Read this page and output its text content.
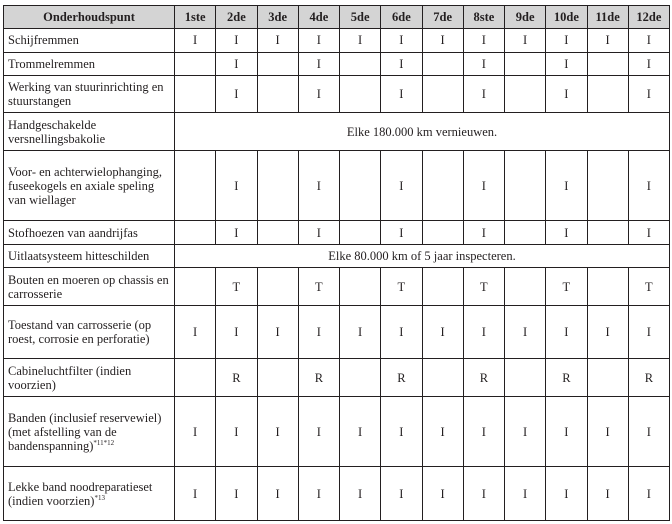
Onderhoudspunt	1ste	2de	3de	4de	5de	6de	7de	8ste	9de	10de	11de	12de
Schijfremmen	I	I	I	I	I	I	I	I	I	I	I	I
Trommelremmen		I		I		I		I		I		I
Werking van stuurinrichting en stuurstangen		I		I		I		I		I		I
Handgeschakelde versnellingsbakolie	Elke 180.000 km vernieuwen.											
Voor- en achterwielophanging, fuseekogels en axiale speling van wiellager		I		I		I		I		I		I
Stofhoezen van aandrijfas		I		I		I		I		I		I
Uitlaatsysteem hitteschilden	Elke 80.000 km of 5 jaar inspecteren.											
Bouten en moeren op chassis en carrosserie		T		T		T		T		T		T
Toestand van carrosserie (op roest, corrosie en perforatie)	I	I	I	I	I	I	I	I	I	I	I	I
Cabineluchtfilter (indien voorzien)		R		R		R		R		R		R
Banden (inclusief reservewiel) (met afstelling van de bandenspanning)$^{*11*12}$	I	I	I	I	I	I	I	I	I	I	I	I
Lekke band noodreparatieset (indien voorzien)$^{*13}$	I	I	I	I	I	I	I	I	I	I	I	I
